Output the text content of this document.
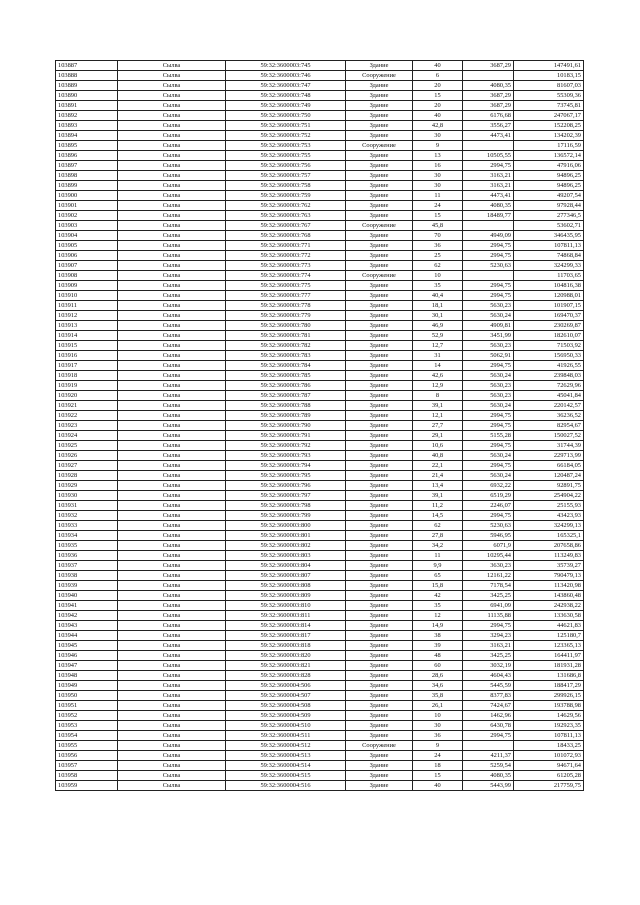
103887	Сылва	59:32:3600003:745	Здание	40	3687,29	147491,61
103888	Сылва	59:32:3600003:746	Сооружение	6		10183,15
103889	Сылва	59:32:3600003:747	Здание	20	4080,35	81607,03
103890	Сылва	59:32:3600003:748	Здание	15	3687,29	55309,36
103891	Сылва	59:32:3600003:749	Здание	20	3687,29	73745,81
103892	Сылва	59:32:3600003:750	Здание	40	6176,68	247067,17
103893	Сылва	59:32:3600003:751	Здание	42,8	3556,27	152208,25
103894	Сылва	59:32:3600003:752	Здание	30	4473,41	134202,39
103895	Сылва	59:32:3600003:753	Сооружение	9		17116,59
103896	Сылва	59:32:3600003:755	Здание	13	10505,55	136572,14
103897	Сылва	59:32:3600003:756	Здание	16	2994,75	47916,06
103898	Сылва	59:32:3600003:757	Здание	30	3163,21	94896,25
103899	Сылва	59:32:3600003:758	Здание	30	3163,21	94896,25
103900	Сылва	59:32:3600003:759	Здание	11	4473,41	49207,54
103901	Сылва	59:32:3600003:762	Здание	24	4080,35	97928,44
103902	Сылва	59:32:3600003:763	Здание	15	18489,77	277346,5
103903	Сылва	59:32:3600003:767	Сооружение	45,8		53602,71
103904	Сылва	59:32:3600003:768	Здание	70	4949,09	346435,95
103905	Сылва	59:32:3600003:771	Здание	36	2994,75	107811,13
103906	Сылва	59:32:3600003:772	Здание	25	2994,75	74868,84
103907	Сылва	59:32:3600003:773	Здание	62	5230,63	324299,33
103908	Сылва	59:32:3600003:774	Сооружение	10		11703,65
103909	Сылва	59:32:3600003:775	Здание	35	2994,75	104816,38
103910	Сылва	59:32:3600003:777	Здание	40,4	2994,75	120988,01
103911	Сылва	59:32:3600003:778	Здание	18,1	5630,23	101907,15
103912	Сылва	59:32:3600003:779	Здание	30,1	5630,24	169470,37
103913	Сылва	59:32:3600003:780	Здание	46,9	4909,81	230269,87
103914	Сылва	59:32:3600003:781	Здание	52,9	3451,99	182610,07
103915	Сылва	59:32:3600003:782	Здание	12,7	5630,23	71503,92
103916	Сылва	59:32:3600003:783	Здание	31	5062,91	156950,33
103917	Сылва	59:32:3600003:784	Здание	14	2994,75	41926,55
103918	Сылва	59:32:3600003:785	Здание	42,6	5630,24	239848,03
103919	Сылва	59:32:3600003:786	Здание	12,9	5630,23	72629,96
103920	Сылва	59:32:3600003:787	Здание	8	5630,23	45041,84
103921	Сылва	59:32:3600003:788	Здание	39,1	5630,24	220142,57
103922	Сылва	59:32:3600003:789	Здание	12,1	2994,75	36236,52
103923	Сылва	59:32:3600003:790	Здание	27,7	2994,75	82954,67
103924	Сылва	59:32:3600003:791	Здание	29,1	5155,28	150027,52
103925	Сылва	59:32:3600003:792	Здание	10,6	2994,75	31744,39
103926	Сылва	59:32:3600003:793	Здание	40,8	5630,24	229713,99
103927	Сылва	59:32:3600003:794	Здание	22,1	2994,75	66184,05
103928	Сылва	59:32:3600003:795	Здание	21,4	5630,24	120487,24
103929	Сылва	59:32:3600003:796	Здание	13,4	6932,22	92891,75
103930	Сылва	59:32:3600003:797	Здание	39,1	6519,29	254904,22
103931	Сылва	59:32:3600003:798	Здание	11,2	2246,07	25155,93
103932	Сылва	59:32:3600003:799	Здание	14,5	2994,75	43423,93
103933	Сылва	59:32:3600003:800	Здание	62	5230,63	324299,13
103934	Сылва	59:32:3600003:801	Здание	27,8	5946,95	165325,1
103935	Сылва	59:32:3600003:802	Здание	34,2	6071,9	207658,86
103936	Сылва	59:32:3600003:803	Здание	11	10295,44	113249,83
103937	Сылва	59:32:3600003:804	Здание	9,9	3630,23	35739,27
103938	Сылва	59:32:3600003:807	Здание	65	12161,22	790479,13
103939	Сылва	59:32:3600003:808	Здание	15,8	7178,54	113420,98
103940	Сылва	59:32:3600003:809	Здание	42	3425,25	143860,48
103941	Сылва	59:32:3600003:810	Здание	35	6941,09	242938,22
103942	Сылва	59:32:3600003:811	Здание	12	11135,88	133630,58
103943	Сылва	59:32:3600003:814	Здание	14,9	2994,75	44621,83
103944	Сылва	59:32:3600003:817	Здание	38	3294,23	125180,7
103945	Сылва	59:32:3600003:818	Здание	39	3163,21	123365,13
103946	Сылва	59:32:3600003:820	Здание	48	3425,25	164411,97
103947	Сылва	59:32:3600003:821	Здание	60	3032,19	181931,28
103948	Сылва	59:32:3600003:828	Здание	28,6	4604,43	131686,8
103949	Сылва	59:32:3600004:506	Здание	34,6	5445,59	188417,29
103950	Сылва	59:32:3600004:507	Здание	35,8	8377,83	299926,15
103951	Сылва	59:32:3600004:508	Здание	26,1	7424,67	193788,98
103952	Сылва	59:32:3600004:509	Здание	10	1462,96	14629,56
103953	Сылва	59:32:3600004:510	Здание	30	6430,78	192923,35
103954	Сылва	59:32:3600004:511	Здание	36	2994,75	107811,13
103955	Сылва	59:32:3600004:512	Сооружение	9		18433,25
103956	Сылва	59:32:3600004:513	Здание	24	4211,37	101072,93
103957	Сылва	59:32:3600004:514	Здание	18	5259,54	94671,64
103958	Сылва	59:32:3600004:515	Здание	15	4080,35	61205,28
103959	Сылва	59:32:3600004:516	Здание	40	5443,99	217759,75
